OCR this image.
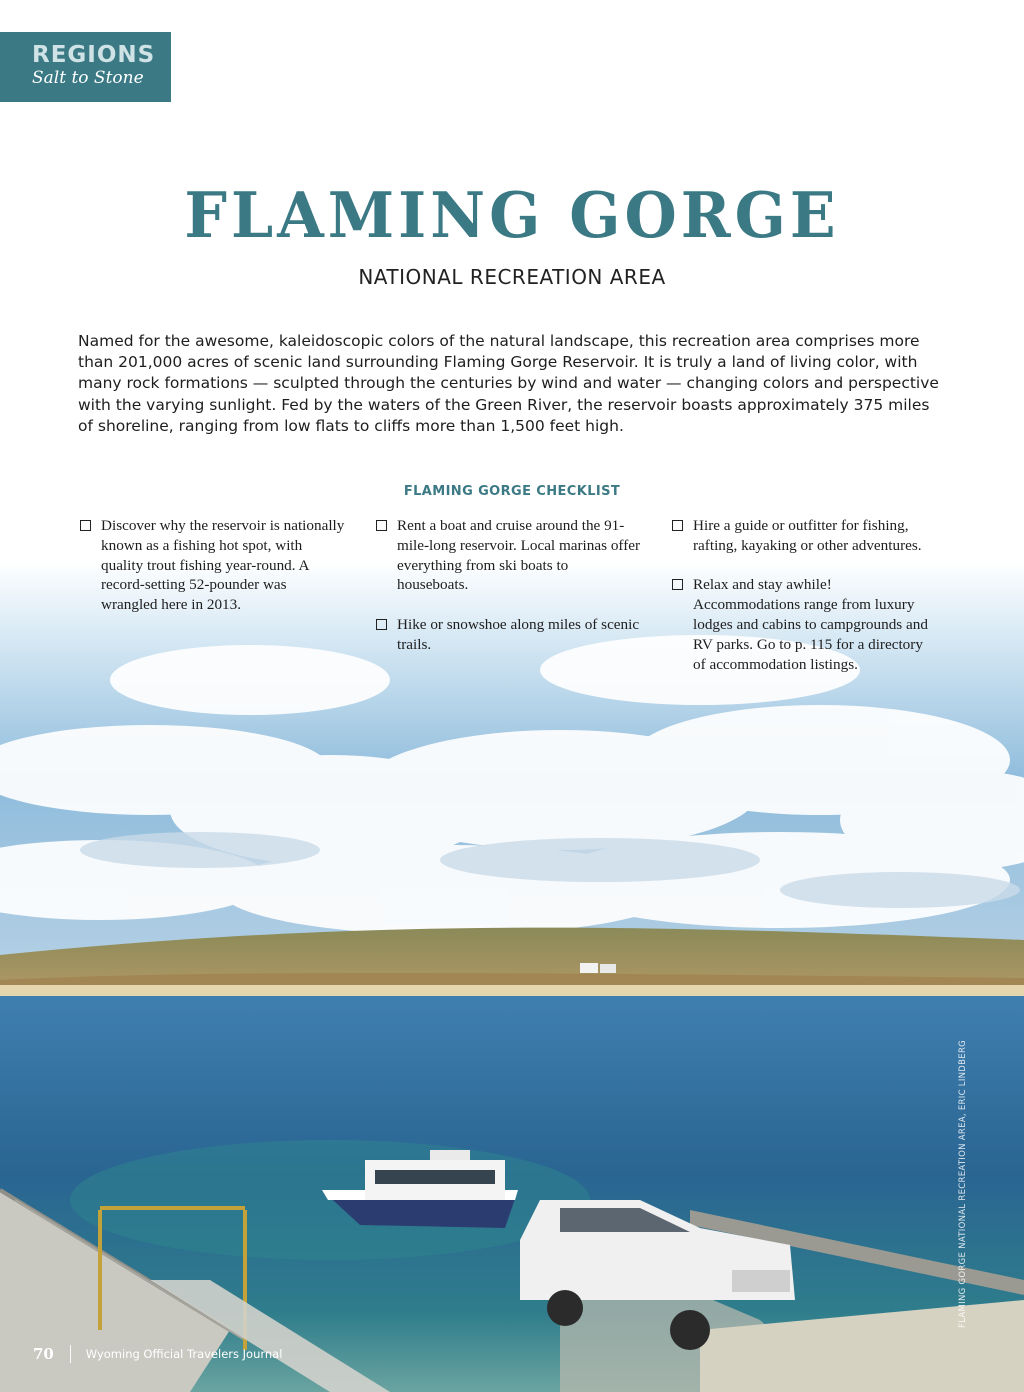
REGIONS
Salt to Stone
FLAMING GORGE
NATIONAL RECREATION AREA

Named for the awesome, kaleidoscopic colors of the natural landscape, this recreation area comprises more than 201,000 acres of scenic land surrounding Flaming Gorge Reservoir. It is truly a land of living color, with many rock formations — sculpted through the centuries by wind and water — changing colors and perspective with the varying sunlight. Fed by the waters of the Green River, the reservoir boasts approximately 375 miles of shoreline, ranging from low flats to cliffs more than 1,500 feet high.

FLAMING GORGE CHECKLIST
Discover why the reservoir is nationally known as a fishing hot spot, with quality trout fishing year-round. A record-setting 52-pounder was wrangled here in 2013.
Rent a boat and cruise around the 91-mile-long reservoir. Local marinas offer everything from ski boats to houseboats.
Hike or snowshoe along miles of scenic trails.
Hire a guide or outfitter for fishing, rafting, kayaking or other adventures.
Relax and stay awhile! Accommodations range from luxury lodges and cabins to campgrounds and RV parks. Go to p. 115 for a directory of accommodation listings.
FLAMING GORGE NATIONAL RECREATION AREA, ERIC LINDBERG
70	Wyoming Official Travelers Journal
